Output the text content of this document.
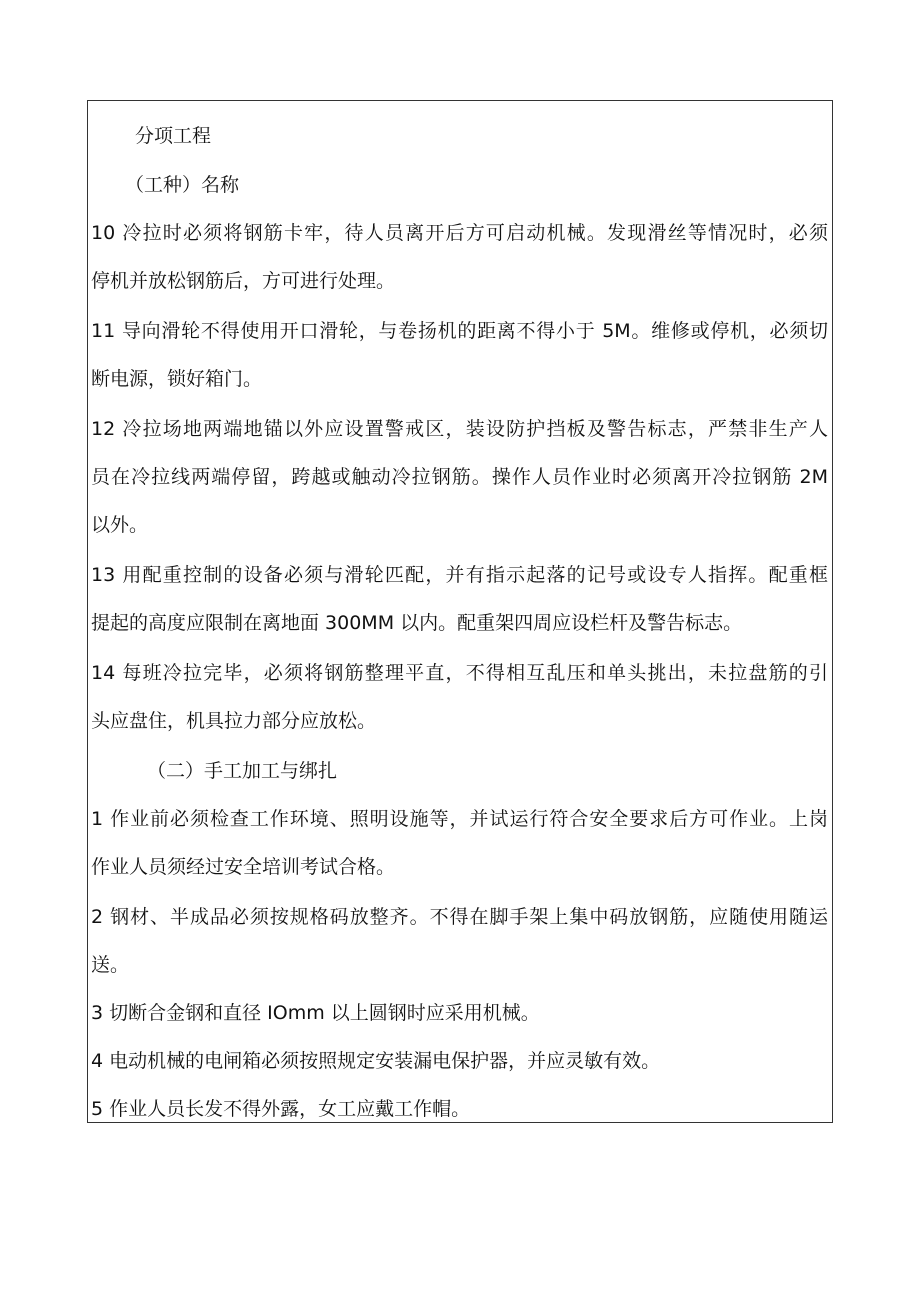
分项工程
（工种）名称
10 冷拉时必须将钢筋卡牢，待人员离开后方可启动机械。发现滑丝等情况时，必须
停机并放松钢筋后，方可进行处理。
11 导向滑轮不得使用开口滑轮，与卷扬机的距离不得小于 5M。维修或停机，必须切
断电源，锁好箱门。
12 冷拉场地两端地锚以外应设置警戒区，装设防护挡板及警告标志，严禁非生产人
员在冷拉线两端停留，跨越或触动冷拉钢筋。操作人员作业时必须离开冷拉钢筋 2M
以外。
13 用配重控制的设备必须与滑轮匹配，并有指示起落的记号或设专人指挥。配重框
提起的高度应限制在离地面 300MM 以内。配重架四周应设栏杆及警告标志。
14 每班冷拉完毕，必须将钢筋整理平直，不得相互乱压和单头挑出，未拉盘筋的引
头应盘住，机具拉力部分应放松。
（二）手工加工与绑扎
1 作业前必须检查工作环境、照明设施等，并试运行符合安全要求后方可作业。上岗
作业人员须经过安全培训考试合格。
2 钢材、半成品必须按规格码放整齐。不得在脚手架上集中码放钢筋，应随使用随运
送。
3 切断合金钢和直径 IOmm 以上圆钢时应采用机械。
4 电动机械的电闸箱必须按照规定安装漏电保护器，并应灵敏有效。
5 作业人员长发不得外露，女工应戴工作帽。
